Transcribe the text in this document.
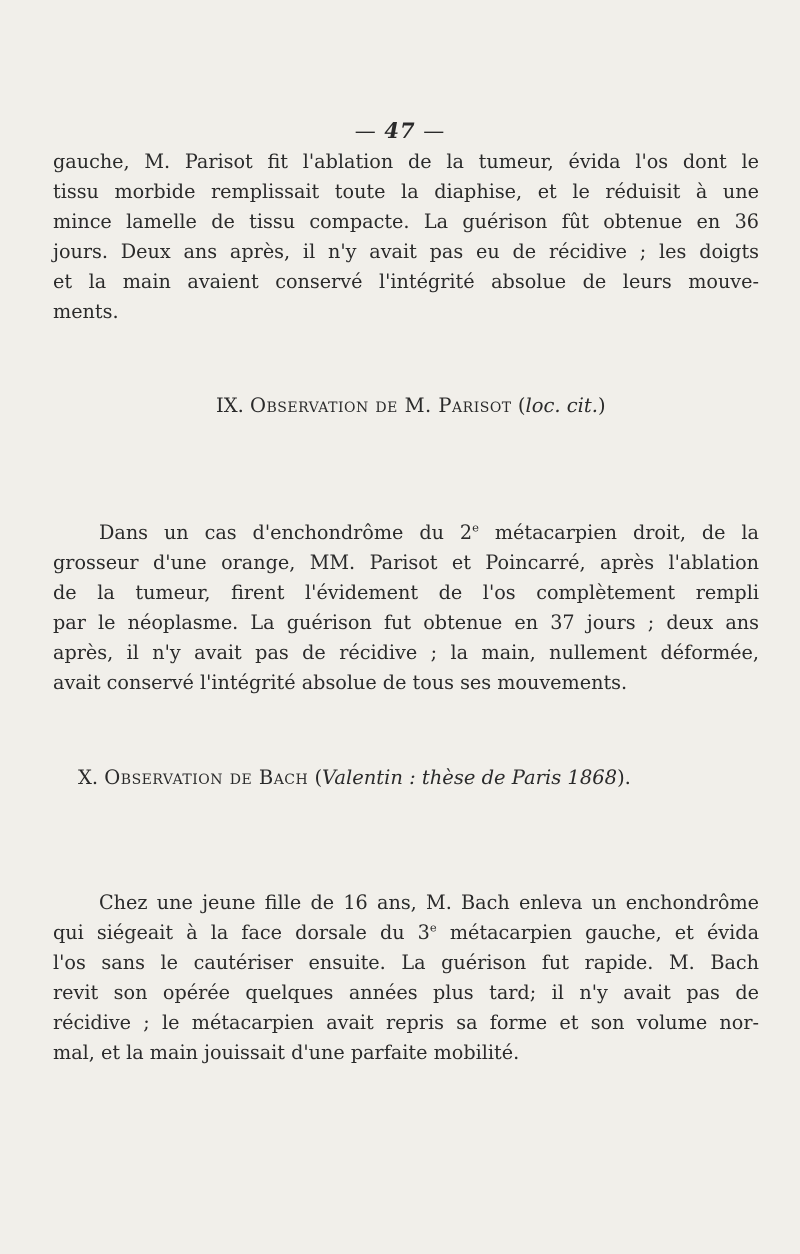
— 47 —
gauche, M. Parisot fit l'ablation de la tumeur, évida l'os dont le
tissu morbide remplissait toute la diaphise, et le réduisit à une
mince lamelle de tissu compacte. La guérison fût obtenue en 36
jours. Deux ans après, il n'y avait pas eu de récidive ; les doigts
et la main avaient conservé l'intégrité absolue de leurs mouve-
ments.
IX. Observation de M. Parisot (loc. cit.)
Dans un cas d'enchondrôme du 2e métacarpien droit, de la
grosseur d'une orange, MM. Parisot et Poincarré, après l'ablation
de la tumeur, firent l'évidement de l'os complètement rempli
par le néoplasme. La guérison fut obtenue en 37 jours ; deux ans
après, il n'y avait pas de récidive ; la main, nullement déformée,
avait conservé l'intégrité absolue de tous ses mouvements.
X. Observation de Bach (Valentin : thèse de Paris 1868).
Chez une jeune fille de 16 ans, M. Bach enleva un enchondrôme
qui siégeait à la face dorsale du 3e métacarpien gauche, et évida
l'os sans le cautériser ensuite. La guérison fut rapide. M. Bach
revit son opérée quelques années plus tard; il n'y avait pas de
récidive ; le métacarpien avait repris sa forme et son volume nor-
mal, et la main jouissait d'une parfaite mobilité.
